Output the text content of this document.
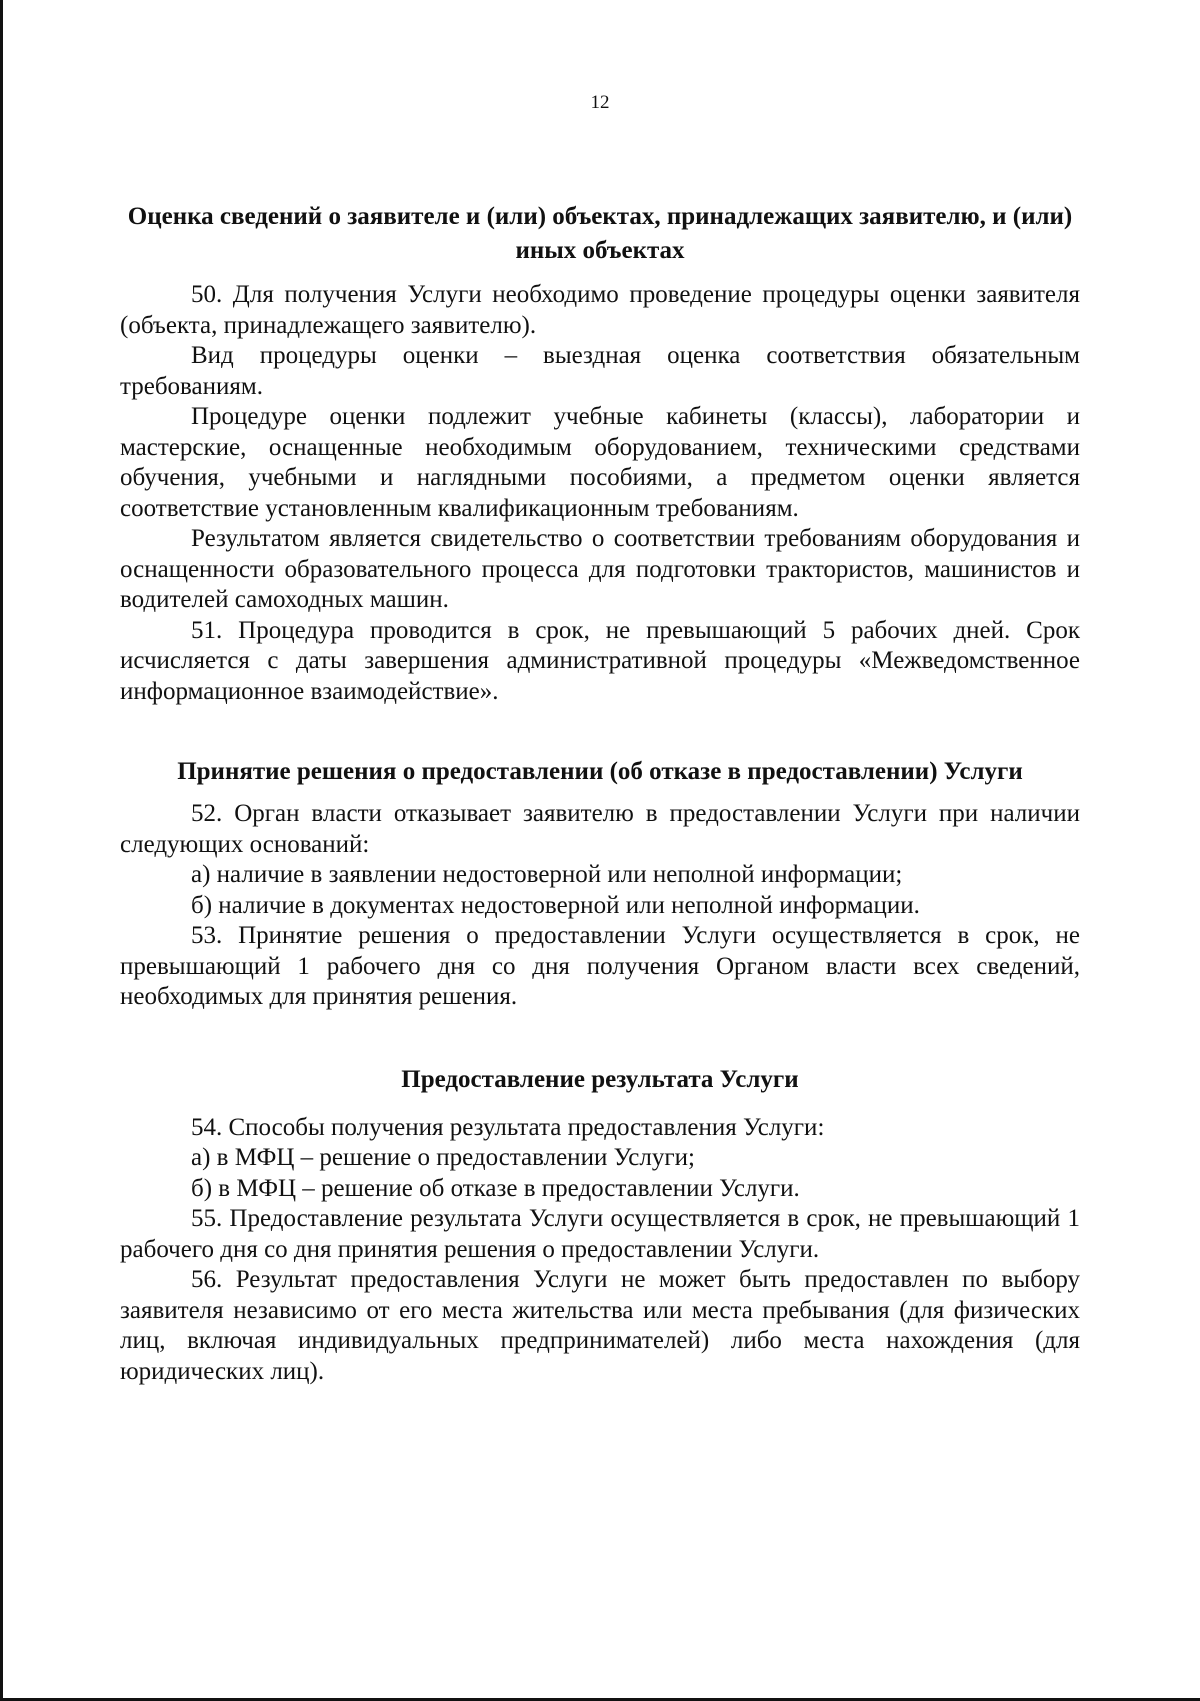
12
Оценка сведений о заявителе и (или) объектах, принадлежащих заявителю, и (или) иных объектах

50. Для получения Услуги необходимо проведение процедуры оценки заявителя (объекта, принадлежащего заявителю).

Вид процедуры оценки – выездная оценка соответствия обязательным требованиям.

Процедуре оценки подлежит учебные кабинеты (классы), лаборатории и мастерские, оснащенные необходимым оборудованием, техническими средствами обучения, учебными и наглядными пособиями, а предметом оценки является соответствие установленным квалификационным требованиям.

Результатом является свидетельство о соответствии требованиям оборудования и оснащенности образовательного процесса для подготовки трактористов, машинистов и водителей самоходных машин.

51. Процедура проводится в срок, не превышающий 5 рабочих дней. Срок исчисляется с даты завершения административной процедуры «Межведомственное информационное взаимодействие».

Принятие решения о предоставлении (об отказе в предоставлении) Услуги

52. Орган власти отказывает заявителю в предоставлении Услуги при наличии следующих оснований:

а) наличие в заявлении недостоверной или неполной информации;

б) наличие в документах недостоверной или неполной информации.

53. Принятие решения о предоставлении Услуги осуществляется в срок, не превышающий 1 рабочего дня со дня получения Органом власти всех сведений, необходимых для принятия решения.

Предоставление результата Услуги

54. Способы получения результата предоставления Услуги:

а) в МФЦ – решение о предоставлении Услуги;

б) в МФЦ – решение об отказе в предоставлении Услуги.

55. Предоставление результата Услуги осуществляется в срок, не превышающий 1 рабочего дня со дня принятия решения о предоставлении Услуги.

56. Результат предоставления Услуги не может быть предоставлен по выбору заявителя независимо от его места жительства или места пребывания (для физических лиц, включая индивидуальных предпринимателей) либо места нахождения (для юридических лиц).
